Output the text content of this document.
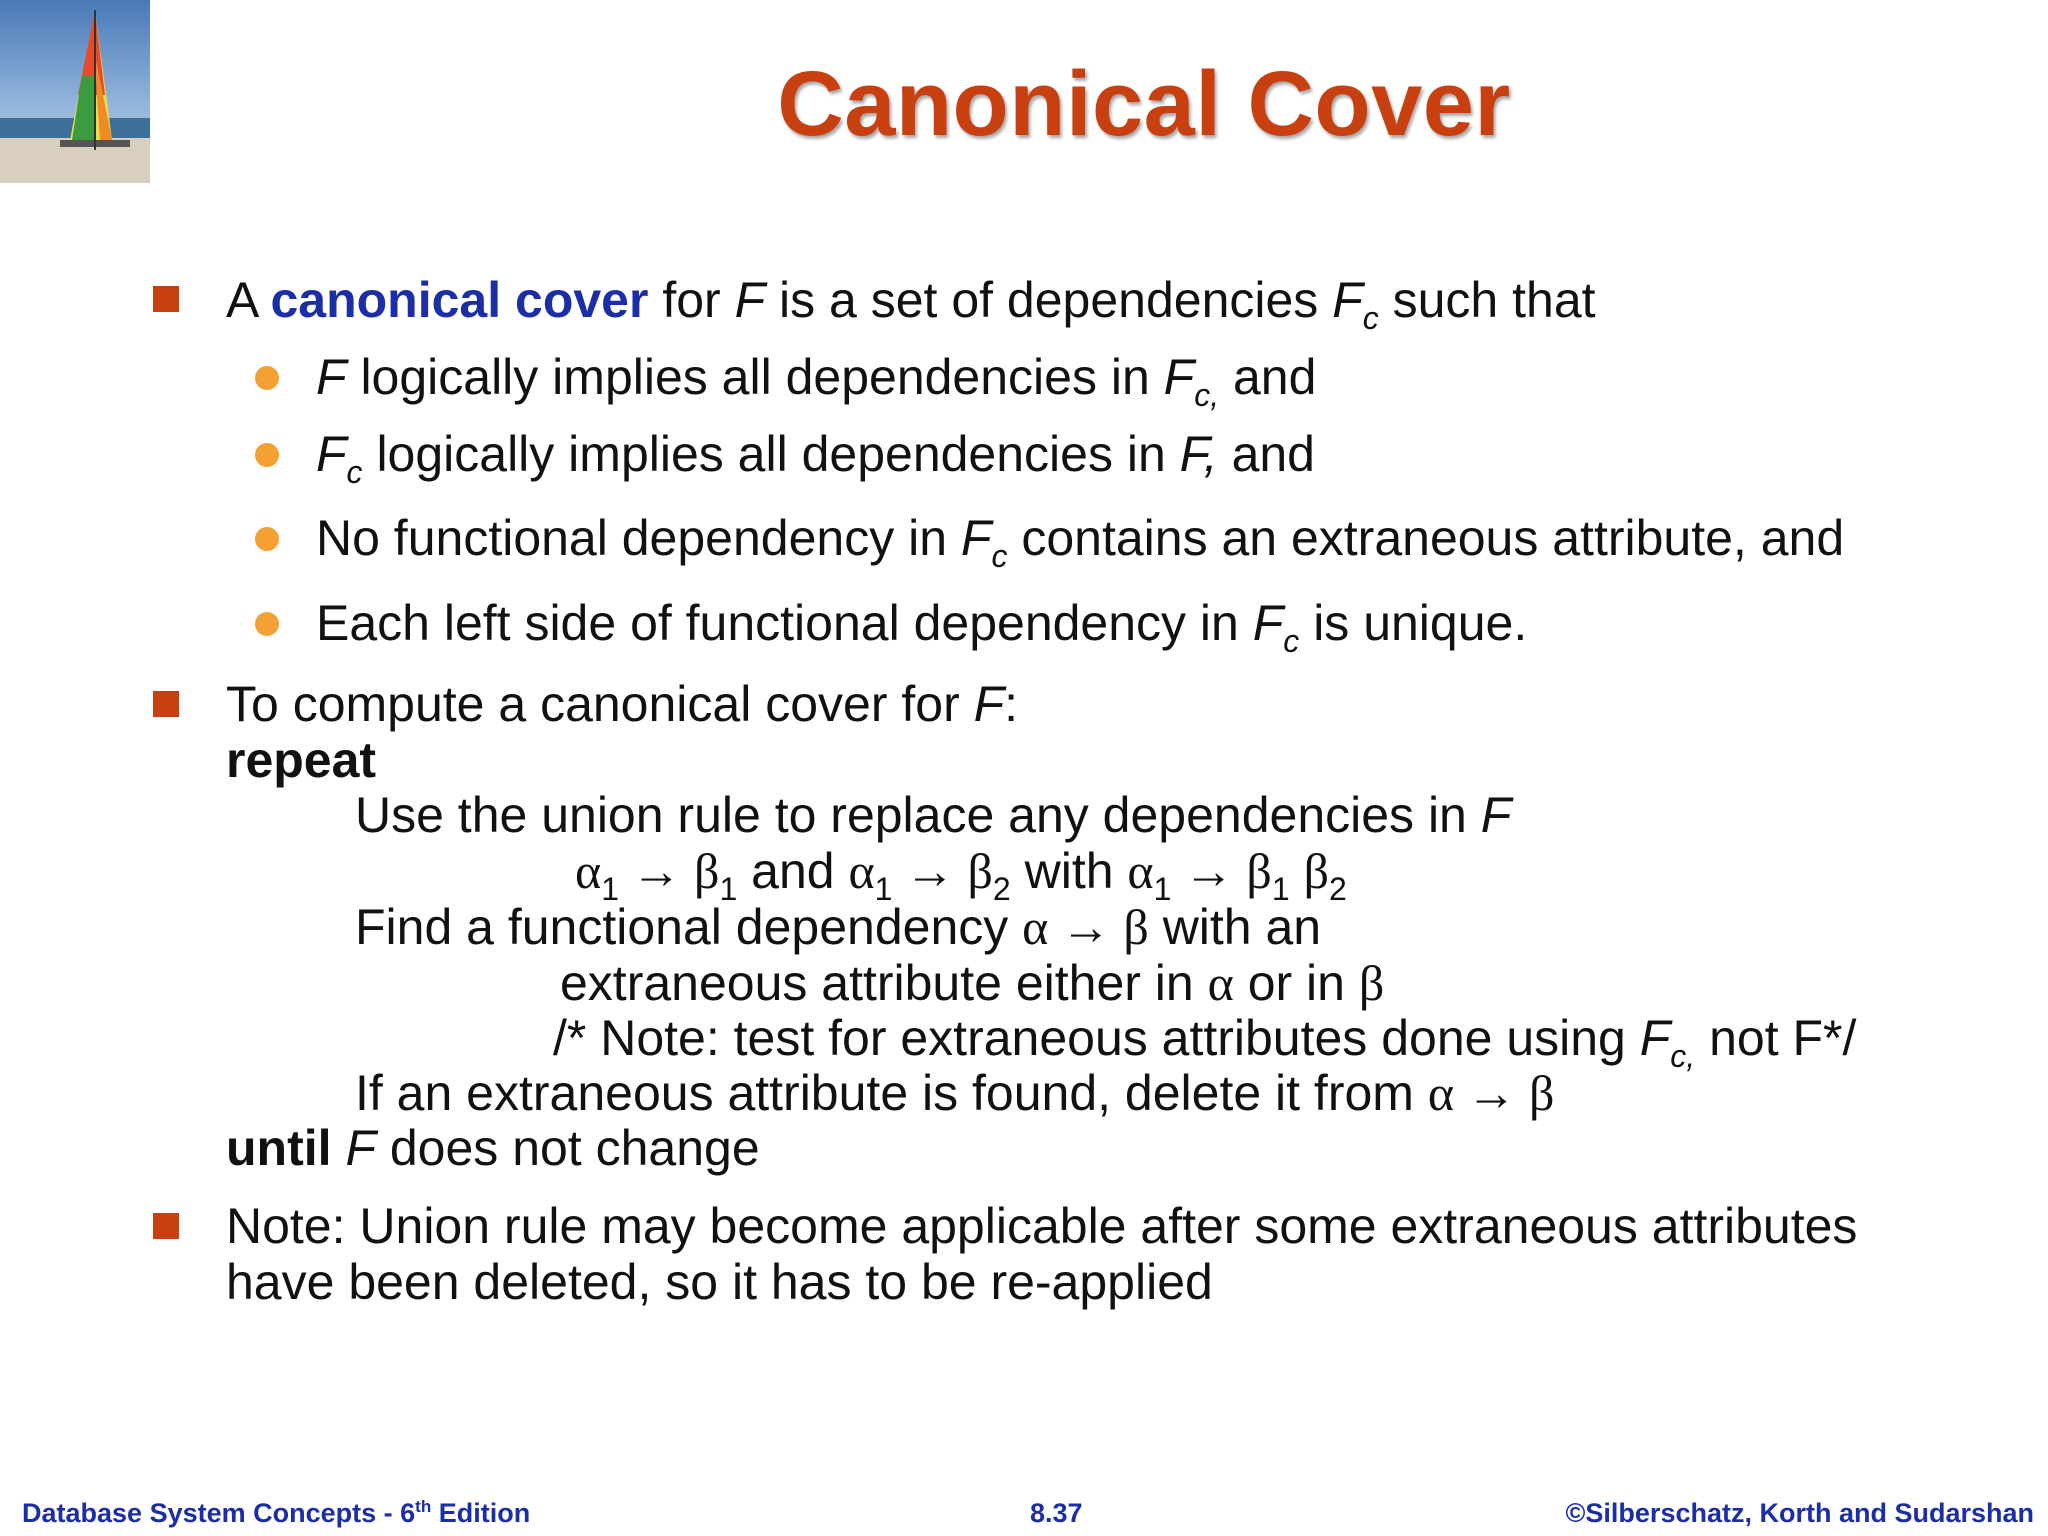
Canonical Cover
A canonical cover for F is a set of dependencies $F_c$ such that
F logically implies all dependencies in $F_{c,}$ and
$F_c$ logically implies all dependencies in F, and
No functional dependency in $F_c$ contains an extraneous attribute, and
Each left side of functional dependency in $F_c$ is unique.
To compute a canonical cover for F:
repeat
Use the union rule to replace any dependencies in F
$\alpha_1 \to \beta_1$ and $\alpha_1 \to \beta_2$ with $\alpha_1 \to \beta_1$ $\beta_2$
Find a functional dependency α → β with an
extraneous attribute either in α or in β
/* Note: test for extraneous attributes done using $F_{c,}$ not F*/
If an extraneous attribute is found, delete it from α → β
until F does not change
Note: Union rule may become applicable after some extraneous attributes
have been deleted, so it has to be re-applied
Database System Concepts - 6th Edition	8.37	©Silberschatz, Korth and Sudarshan
